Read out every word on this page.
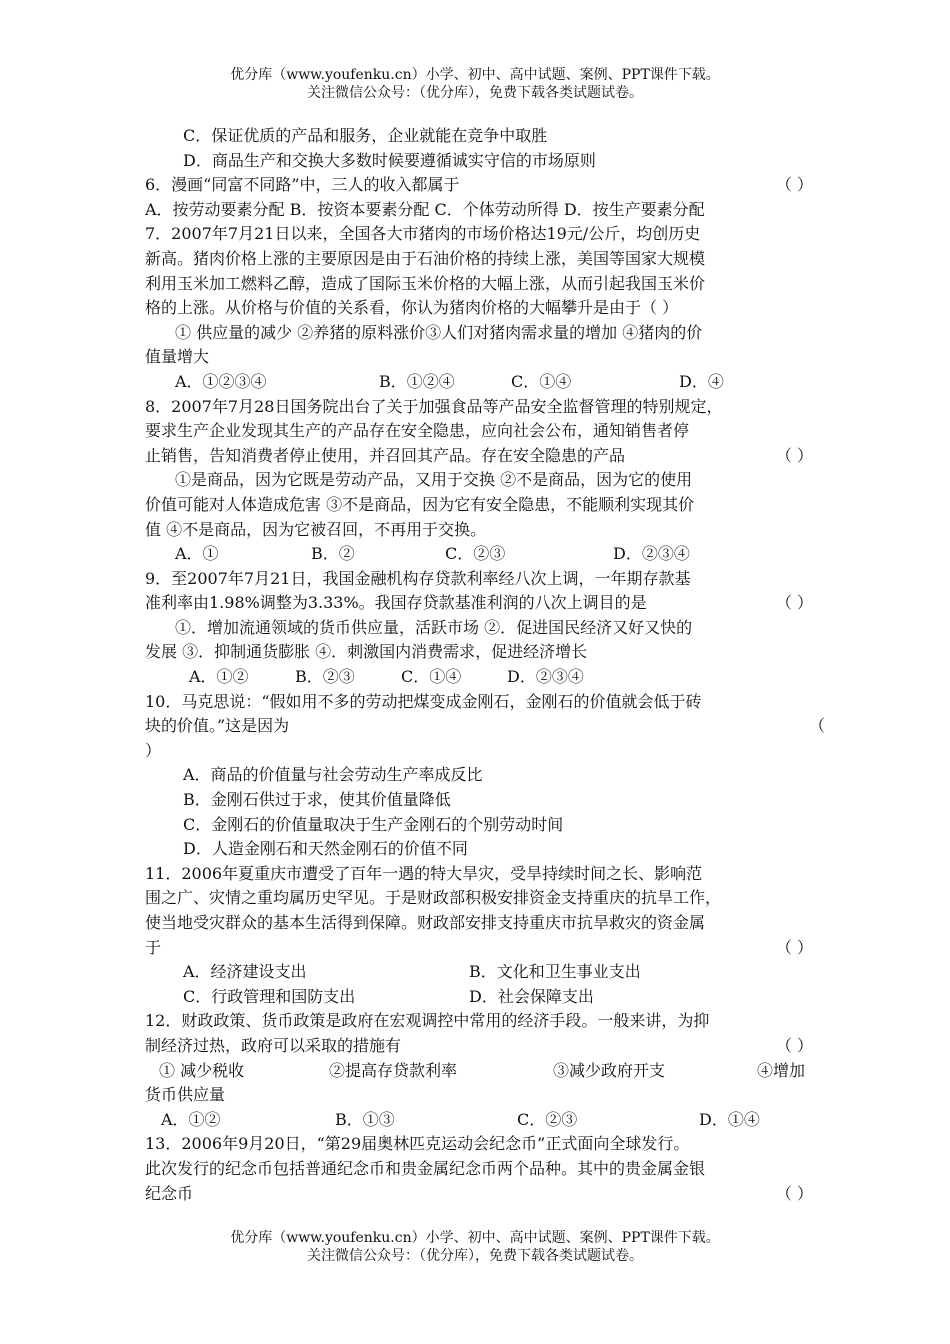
优分库（www.youfenku.cn）小学、初中、高中试题、案例、PPT课件下载。
关注微信公众号：（优分库），免费下载各类试题试卷。
C．保证优质的产品和服务，企业就能在竞争中取胜
D．商品生产和交换大多数时候要遵循诚实守信的市场原则
6．漫画“同富不同路”中，三人的收入都属于	（ ）
A．按劳动要素分配 B．按资本要素分配 C．个体劳动所得 D．按生产要素分配
7．2007年7月21日以来，全国各大市猪肉的市场价格达19元/公斤，均创历史
新高。猪肉价格上涨的主要原因是由于石油价格的持续上涨，美国等国家大规模
利用玉米加工燃料乙醇，造成了国际玉米价格的大幅上涨，从而引起我国玉米价
格的上涨。从价格与价值的关系看，你认为猪肉价格的大幅攀升是由于（ ）
① 供应量的减少 ②养猪的原料涨价③人们对猪肉需求量的增加 ④猪肉的价
值量增大
A．①②③④	B．①②④	C．①④	D．④
8．2007年7月28日国务院出台了关于加强食品等产品安全监督管理的特别规定，
要求生产企业发现其生产的产品存在安全隐患，应向社会公布，通知销售者停
止销售，告知消费者停止使用，并召回其产品。存在安全隐患的产品	（ ）
①是商品，因为它既是劳动产品，又用于交换 ②不是商品，因为它的使用
价值可能对人体造成危害 ③不是商品，因为它有安全隐患，不能顺利实现其价
值 ④不是商品，因为它被召回，不再用于交换。
A．①	B．②	C．②③	D．②③④
9．至2007年7月21日，我国金融机构存贷款利率经八次上调，一年期存款基
准利率由1.98%调整为3.33%。我国存贷款基准利润的八次上调目的是	（ ）
①．增加流通领域的货币供应量，活跃市场 ②．促进国民经济又好又快的
发展 ③．抑制通货膨胀 ④．刺激国内消费需求，促进经济增长
A．①②	B．②③	C．①④	D．②③④
10．马克思说：“假如用不多的劳动把煤变成金刚石，金刚石的价值就会低于砖
块的价值。”这是因为	（
）
A．商品的价值量与社会劳动生产率成反比
B．金刚石供过于求，使其价值量降低
C．金刚石的价值量取决于生产金刚石的个别劳动时间
D．人造金刚石和天然金刚石的价值不同
11．2006年夏重庆市遭受了百年一遇的特大旱灾，受旱持续时间之长、影响范
围之广、灾情之重均属历史罕见。于是财政部积极安排资金支持重庆的抗旱工作，
使当地受灾群众的基本生活得到保障。财政部安排支持重庆市抗旱救灾的资金属
于	（ ）
A．经济建设支出	B．文化和卫生事业支出
C．行政管理和国防支出	D．社会保障支出
12．财政政策、货币政策是政府在宏观调控中常用的经济手段。一般来讲，为抑
制经济过热，政府可以采取的措施有	（ ）
① 减少税收	②提高存贷款利率	③减少政府开支	④增加
货币供应量
A．①②	B．①③	C．②③	D．①④
13．2006年9月20日，“第29届奥林匹克运动会纪念币”正式面向全球发行。
此次发行的纪念币包括普通纪念币和贵金属纪念币两个品种。其中的贵金属金银
纪念币	（ ）
优分库（www.youfenku.cn）小学、初中、高中试题、案例、PPT课件下载。
关注微信公众号：（优分库），免费下载各类试题试卷。
